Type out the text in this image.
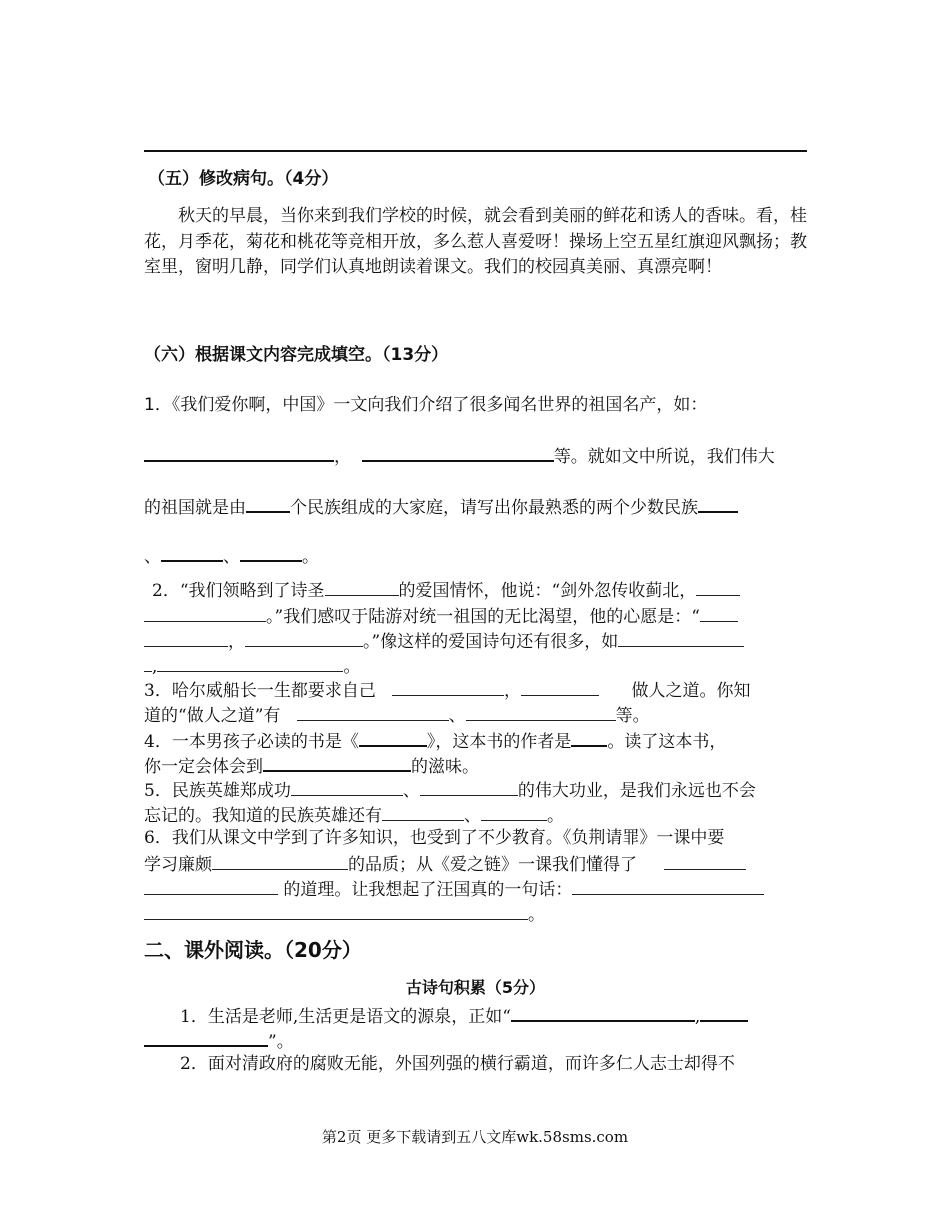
（五）修改病句。（4分）
秋天的早晨，当你来到我们学校的时候，就会看到美丽的鲜花和诱人的香味。看，桂花，月季花，菊花和桃花等竞相开放，多么惹人喜爱呀！操场上空五星红旗迎风飘扬；教室里，窗明几静，同学们认真地朗读着课文。我们的校园真美丽、真漂亮啊！
（六）根据课文内容完成填空。（13分）
1．《我们爱你啊，中国》一文向我们介绍了很多闻名世界的祖国名产，如：
，	等。就如文中所说，我们伟大
的祖国就是由	个民族组成的大家庭，请写出你最熟悉的两个少数民族
、	、	。
2．“我们领略到了诗圣	的爱国情怀，他说：“剑外忽传收蓟北，
。”我们感叹于陆游对统一祖国的无比渴望，他的心愿是：“
，	。”像这样的爱国诗句还有很多，如
,	。
3．哈尔威船长一生都要求自己	，	做人之道。你知
道的“做人之道”有	、	等。
4．一本男孩子必读的书是《	》，这本书的作者是 。读了这本书，
你一定会体会到	的滋味。
5．民族英雄郑成功	、	的伟大功业，是我们永远也不会
忘记的。我知道的民族英雄还有	、	。
6．我们从课文中学到了许多知识，也受到了不少教育。《负荆请罪》一课中要
学习廉颇	的品质；从《爱之链》一课我们懂得了
的道理。让我想起了汪国真的一句话：
。
二、课外阅读。（20分）
古诗句积累（5分）
1．生活是老师,生活更是语文的源泉，正如“	,
”。
2．面对清政府的腐败无能，外国列强的横行霸道，而许多仁人志士却得不
第2页 更多下载请到五八文库wk.58sms.com
